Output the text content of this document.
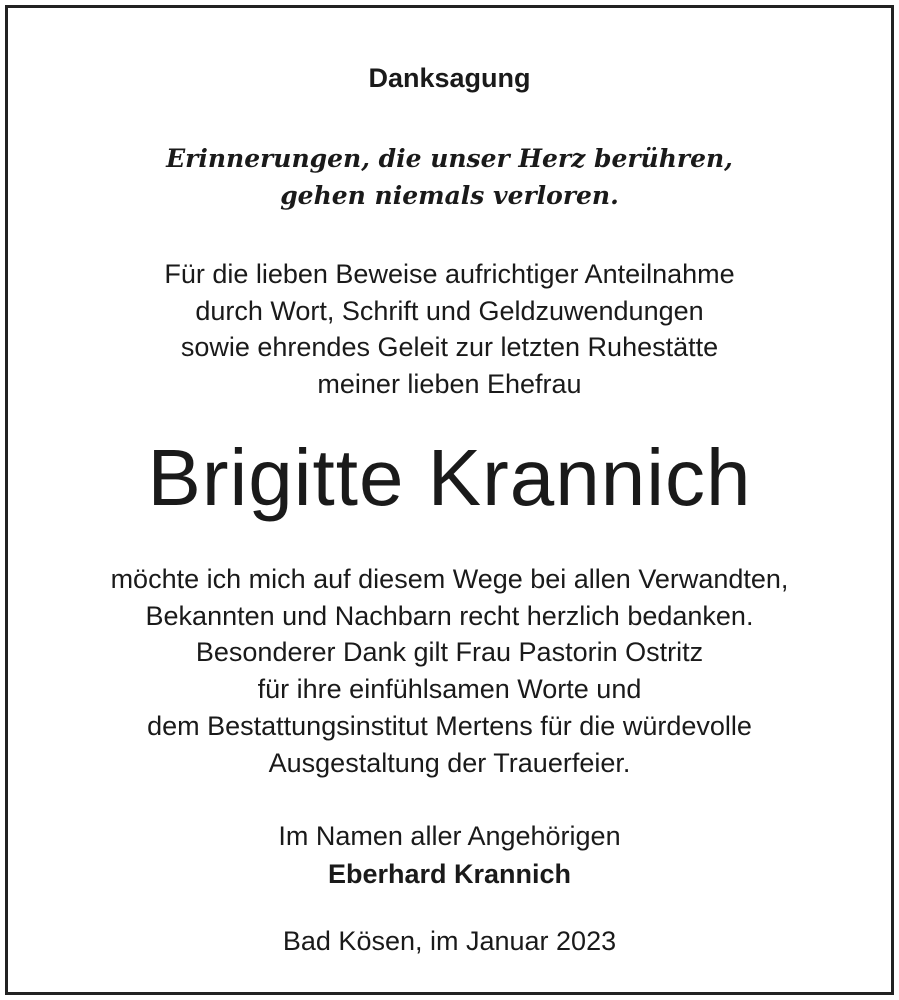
Danksagung
Erinnerungen, die unser Herz berühren,
gehen niemals verloren.
Für die lieben Beweise aufrichtiger Anteilnahme
durch Wort, Schrift und Geldzuwendungen
sowie ehrendes Geleit zur letzten Ruhestätte
meiner lieben Ehefrau
Brigitte Krannich
möchte ich mich auf diesem Wege bei allen Verwandten,
Bekannten und Nachbarn recht herzlich bedanken.
Besonderer Dank gilt Frau Pastorin Ostritz
für ihre einfühlsamen Worte und
dem Bestattungsinstitut Mertens für die würdevolle
Ausgestaltung der Trauerfeier.
Im Namen aller Angehörigen
Eberhard Krannich
Bad Kösen, im Januar 2023
